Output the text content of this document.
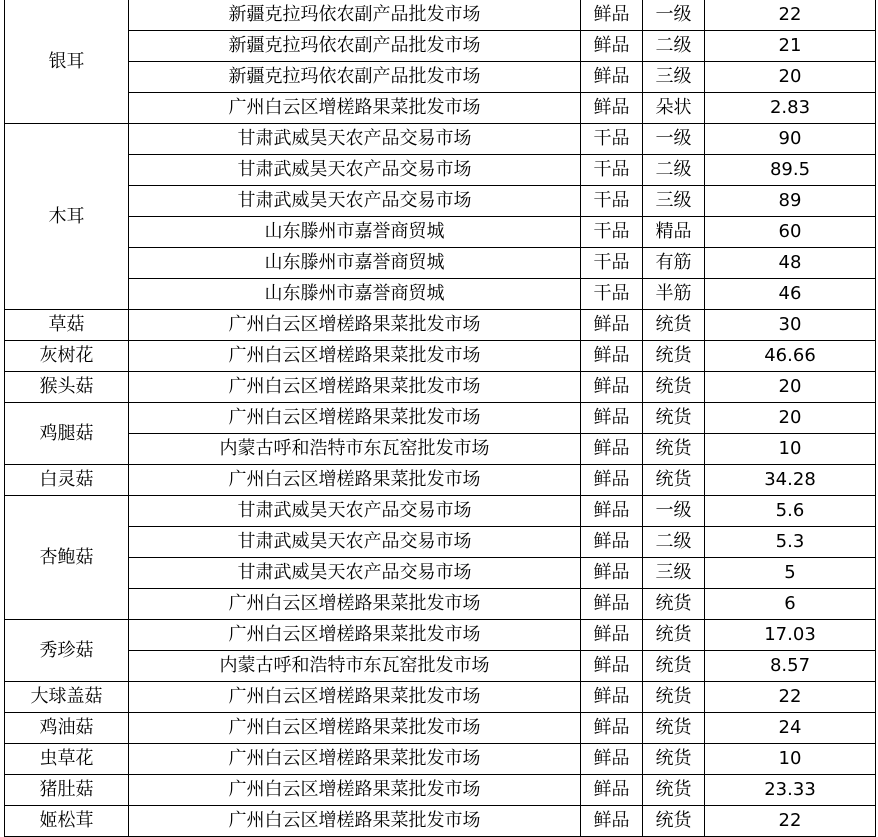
银耳	新疆克拉玛依农副产品批发市场	鲜品	一级	22
	新疆克拉玛依农副产品批发市场	鲜品	二级	21
	新疆克拉玛依农副产品批发市场	鲜品	三级	20
	广州白云区增槎路果菜批发市场	鲜品	朵状	2.83
木耳	甘肃武威昊天农产品交易市场	干品	一级	90
	甘肃武威昊天农产品交易市场	干品	二级	89.5
	甘肃武威昊天农产品交易市场	干品	三级	89
	山东滕州市嘉誉商贸城	干品	精品	60
	山东滕州市嘉誉商贸城	干品	有筋	48
	山东滕州市嘉誉商贸城	干品	半筋	46
草菇	广州白云区增槎路果菜批发市场	鲜品	统货	30
灰树花	广州白云区增槎路果菜批发市场	鲜品	统货	46.66
猴头菇	广州白云区增槎路果菜批发市场	鲜品	统货	20
鸡腿菇	广州白云区增槎路果菜批发市场	鲜品	统货	20
	内蒙古呼和浩特市东瓦窑批发市场	鲜品	统货	10
白灵菇	广州白云区增槎路果菜批发市场	鲜品	统货	34.28
杏鲍菇	甘肃武威昊天农产品交易市场	鲜品	一级	5.6
	甘肃武威昊天农产品交易市场	鲜品	二级	5.3
	甘肃武威昊天农产品交易市场	鲜品	三级	5
	广州白云区增槎路果菜批发市场	鲜品	统货	6
秀珍菇	广州白云区增槎路果菜批发市场	鲜品	统货	17.03
	内蒙古呼和浩特市东瓦窑批发市场	鲜品	统货	8.57
大球盖菇	广州白云区增槎路果菜批发市场	鲜品	统货	22
鸡油菇	广州白云区增槎路果菜批发市场	鲜品	统货	24
虫草花	广州白云区增槎路果菜批发市场	鲜品	统货	10
猪肚菇	广州白云区增槎路果菜批发市场	鲜品	统货	23.33
姬松茸	广州白云区增槎路果菜批发市场	鲜品	统货	22
